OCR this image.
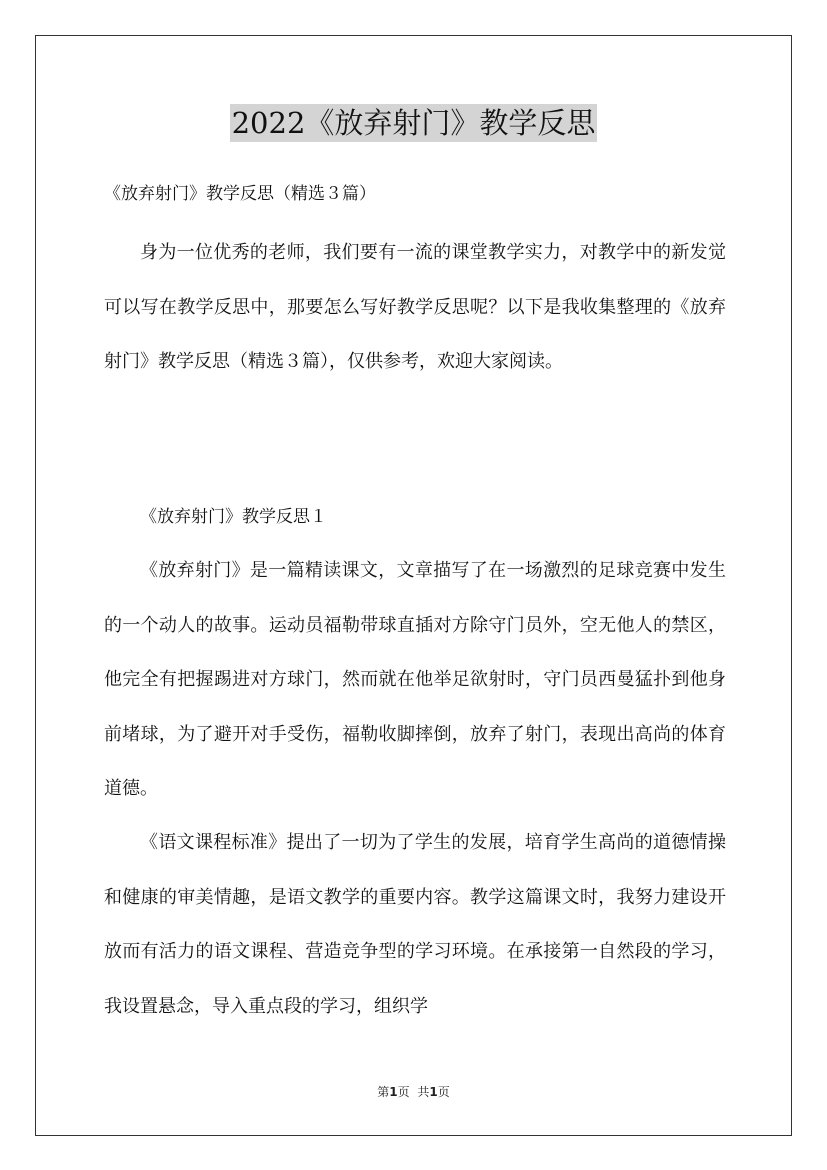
2022《放弃射门》教学反思

《放弃射门》教学反思（精选３篇）

身为一位优秀的老师，我们要有一流的课堂教学实力，对教学中的新发觉可以写在教学反思中，那要怎么写好教学反思呢？以下是我收集整理的《放弃射门》教学反思（精选３篇），仅供参考，欢迎大家阅读。

《放弃射门》教学反思１

《放弃射门》是一篇精读课文，文章描写了在一场激烈的足球竞赛中发生的一个动人的故事。运动员福勒带球直插对方除守门员外，空无他人的禁区，他完全有把握踢进对方球门，然而就在他举足欲射时，守门员西曼猛扑到他身前堵球，为了避开对手受伤，福勒收脚摔倒，放弃了射门，表现出高尚的体育道德。

《语文课程标准》提出了一切为了学生的发展，培育学生高尚的道德情操和健康的审美情趣，是语文教学的重要内容。教学这篇课文时，我努力建设开放而有活力的语文课程、营造竞争型的学习环境。在承接第一自然段的学习，我设置悬念，导入重点段的学习，组织学

第1页 共1页
